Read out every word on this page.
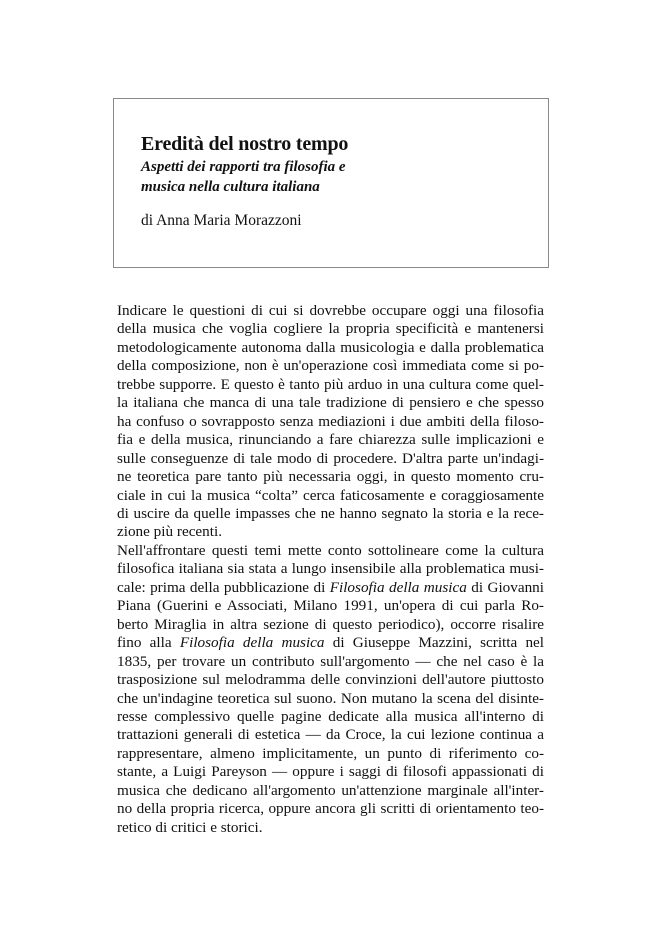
Eredità del nostro tempo

Aspetti dei rapporti tra filosofia e
musica nella cultura italiana

di Anna Maria Morazzoni
Indicare le questioni di cui si dovrebbe occupare oggi una filosofia
della musica che voglia cogliere la propria specificità e mantenersi
metodologicamente autonoma dalla musicologia e dalla problematica
della composizione, non è un'operazione così immediata come si po-
trebbe supporre. E questo è tanto più arduo in una cultura come quel-
la italiana che manca di una tale tradizione di pensiero e che spesso
ha confuso o sovrapposto senza mediazioni i due ambiti della filoso-
fia e della musica, rinunciando a fare chiarezza sulle implicazioni e
sulle conseguenze di tale modo di procedere. D'altra parte un'indagi-
ne teoretica pare tanto più necessaria oggi, in questo momento cru-
ciale in cui la musica “colta” cerca faticosamente e coraggiosamente
di uscire da quelle impasses che ne hanno segnato la storia e la rece-
zione più recenti.
Nell'affrontare questi temi mette conto sottolineare come la cultura
filosofica italiana sia stata a lungo insensibile alla problematica musi-
cale: prima della pubblicazione di Filosofia della musica di Giovanni
Piana (Guerini e Associati, Milano 1991, un'opera di cui parla Ro-
berto Miraglia in altra sezione di questo periodico), occorre risalire
fino alla Filosofia della musica di Giuseppe Mazzini, scritta nel
1835, per trovare un contributo sull'argomento — che nel caso è la
trasposizione sul melodramma delle convinzioni dell'autore piuttosto
che un'indagine teoretica sul suono. Non mutano la scena del disinte-
resse complessivo quelle pagine dedicate alla musica all'interno di
trattazioni generali di estetica — da Croce, la cui lezione continua a
rappresentare, almeno implicitamente, un punto di riferimento co-
stante, a Luigi Pareyson — oppure i saggi di filosofi appassionati di
musica che dedicano all'argomento un'attenzione marginale all'inter-
no della propria ricerca, oppure ancora gli scritti di orientamento teo-
retico di critici e storici.
